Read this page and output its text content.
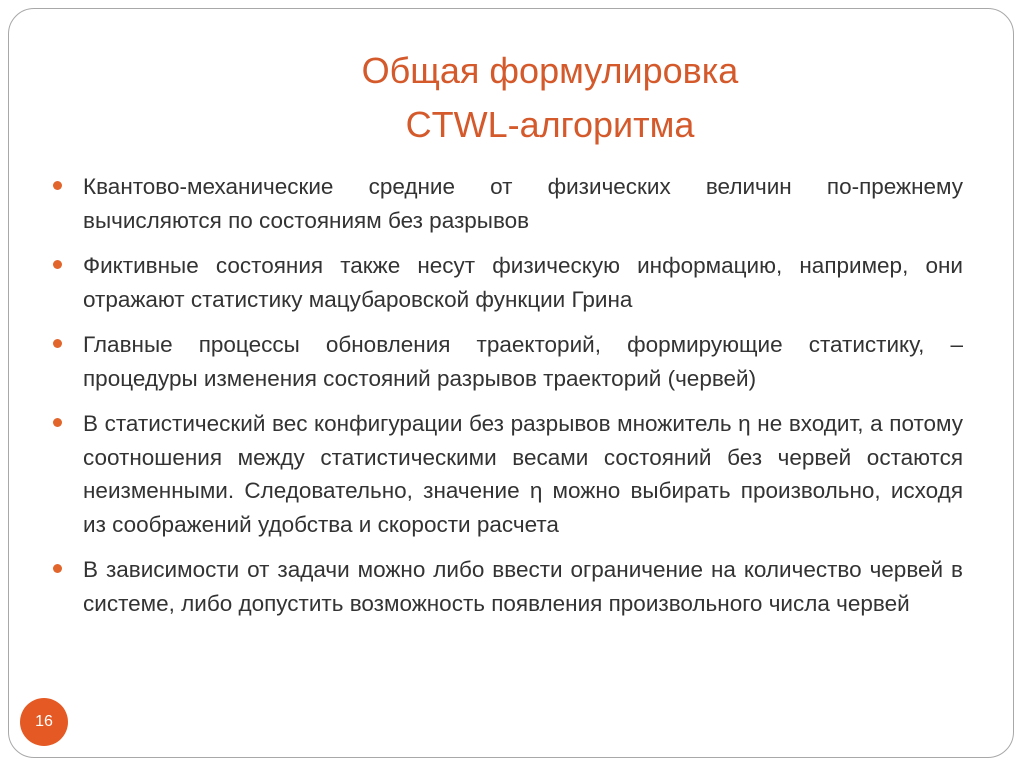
Общая формулировка
CTWL-алгоритма
Квантово-механические средние от физических величин по-прежнему вычисляются по состояниям без разрывов
Фиктивные состояния также несут физическую информацию, например, они отражают статистику мацубаровской функции Грина
Главные процессы обновления траекторий, формирующие статистику, – процедуры изменения состояний разрывов траекторий (червей)
В статистический вес конфигурации без разрывов множитель η не входит, а потому соотношения между статистическими весами состояний без червей остаются неизменными. Следовательно, значение η можно выбирать произвольно, исходя из соображений удобства и скорости расчета
В зависимости от задачи можно либо ввести ограничение на количество червей в системе, либо допустить возможность появления произвольного числа червей
16
